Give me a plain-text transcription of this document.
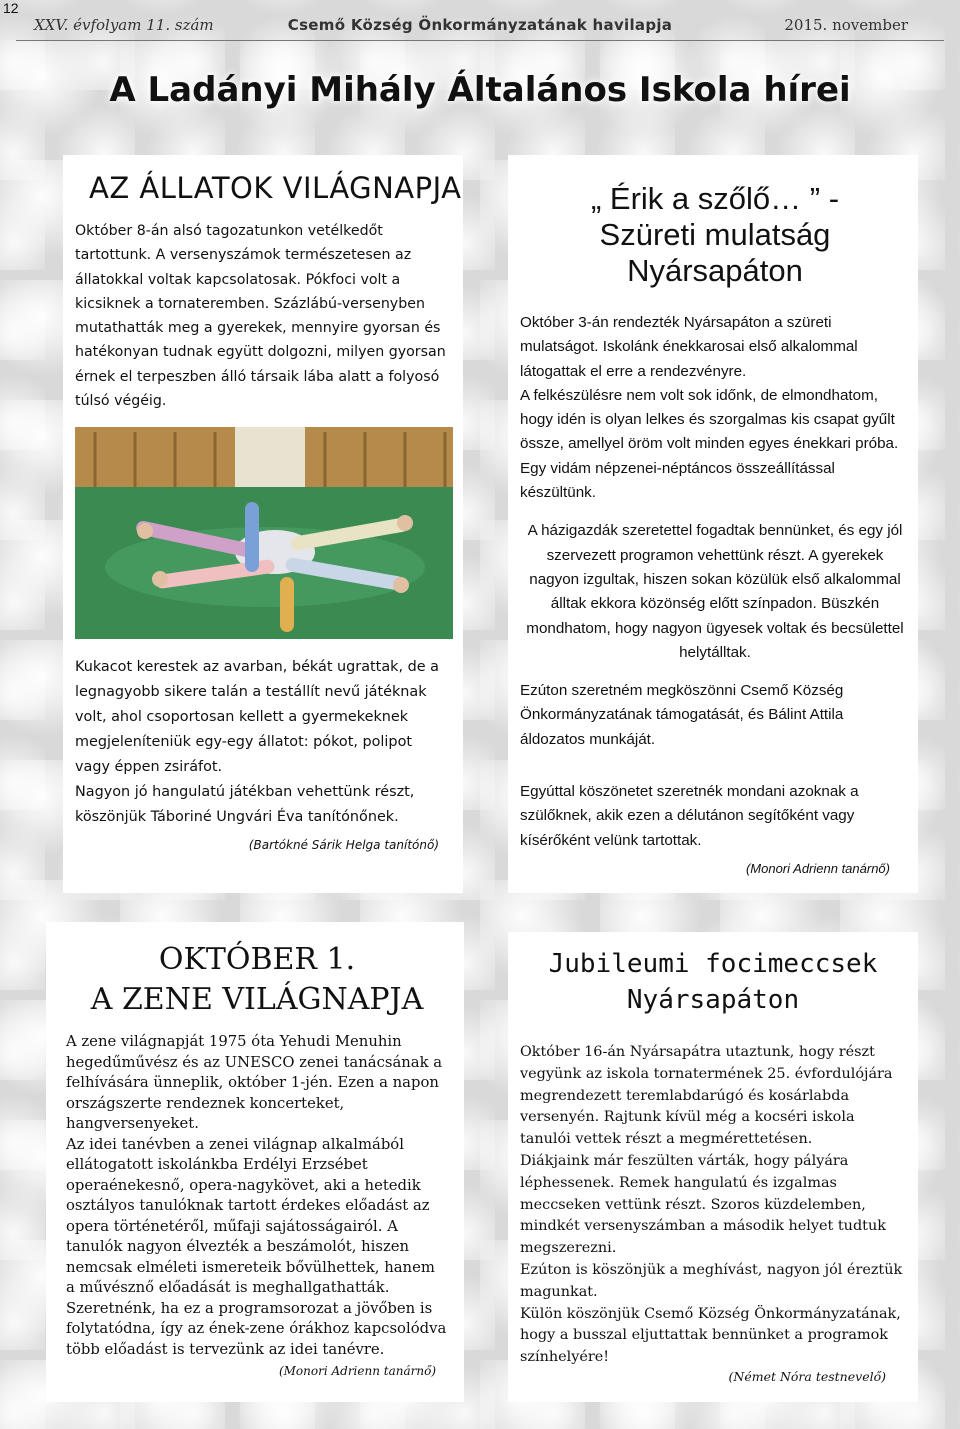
12
XXV. évfolyam 11. szám	Csemő Község Önkormányzatának havilapja	2015. november
A Ladányi Mihály Általános Iskola hírei
AZ ÁLLATOK VILÁGNAPJA

Október 8-án alsó tagozatunkon vetélkedőt tartottunk. A versenyszámok természetesen az állatokkal voltak kapcsolatosak. Pókfoci volt a kicsiknek a tornateremben. Százlábú-versenyben mutathatták meg a gyerekek, mennyire gyorsan és hatékonyan tudnak együtt dolgozni, milyen gyorsan érnek el terpeszben álló társaik lába alatt a folyosó túlsó végéig.

Kukacot kerestek az avarban, békát ugrattak, de a legnagyobb sikere talán a testállít nevű játéknak volt, ahol csoportosan kellett a gyermekeknek megjeleníteniük egy-egy állatot: pókot, polipot vagy éppen zsiráfot.

Nagyon jó hangulatú játékban vehettünk részt, köszönjük Táboriné Ungvári Éva tanítónőnek.

(Bartókné Sárik Helga tanítónő)
„ Érik a szőlő… ” -
Szüreti mulatság
Nyársapáton

Október 3-án rendezték Nyársapáton a szüreti mulatságot. Iskolánk énekkarosai első alkalommal látogattak el erre a rendezvényre.

A felkészülésre nem volt sok időnk, de elmondhatom, hogy idén is olyan lelkes és szorgalmas kis csapat gyűlt össze, amellyel öröm volt minden egyes énekkari próba. Egy vidám népzenei-néptáncos összeállítással készültünk.

A házigazdák szeretettel fogadtak bennünket, és egy jól szervezett programon vehettünk részt. A gyerekek nagyon izgultak, hiszen sokan közülük első alkalommal álltak ekkora közönség előtt színpadon. Büszkén mondhatom, hogy nagyon ügyesek voltak és becsülettel helytálltak.

Ezúton szeretném megköszönni Csemő Község Önkormányzatának támogatását, és Bálint Attila áldozatos munkáját.

Egyúttal köszönetet szeretnék mondani azoknak a szülőknek, akik ezen a délutánon segítőként vagy kísérőként velünk tartottak.

(Monori Adrienn tanárnő)
OKTÓBER 1.
A ZENE VILÁGNAPJA

A zene világnapját 1975 óta Yehudi Menuhin hegedűművész és az UNESCO zenei tanácsának a felhívására ünneplik, október 1-jén. Ezen a napon országszerte rendeznek koncerteket, hangversenyeket.

Az idei tanévben a zenei világnap alkalmából ellátogatott iskolánkba Erdélyi Erzsébet operaénekesnő, opera-nagykövet, aki a hetedik osztályos tanulóknak tartott érdekes előadást az opera történetéről, műfaji sajátosságairól. A tanulók nagyon élvezték a beszámolót, hiszen nemcsak elméleti ismereteik bővülhettek, hanem a művésznő előadását is meghallgathatták.

Szeretnénk, ha ez a programsorozat a jövőben is folytatódna, így az ének-zene órákhoz kapcsolódva több előadást is tervezünk az idei tanévre.

(Monori Adrienn tanárnő)
Jubileumi focimeccsek
Nyársapáton

Október 16-án Nyársapátra utaztunk, hogy részt vegyünk az iskola tornatermének 25. évfordulójára megrendezett teremlabdarúgó és kosárlabda versenyén. Rajtunk kívül még a kocséri iskola tanulói vettek részt a megmérettetésen.

Diákjaink már feszülten várták, hogy pályára léphessenek. Remek hangulatú és izgalmas meccseken vettünk részt. Szoros küzdelemben, mindkét versenyszámban a második helyet tudtuk megszerezni.

Ezúton is köszönjük a meghívást, nagyon jól éreztük magunkat.

Külön köszönjük Csemő Község Önkormányzatának, hogy a busszal eljuttattak bennünket a programok színhelyére!

(Német Nóra testnevelő)
